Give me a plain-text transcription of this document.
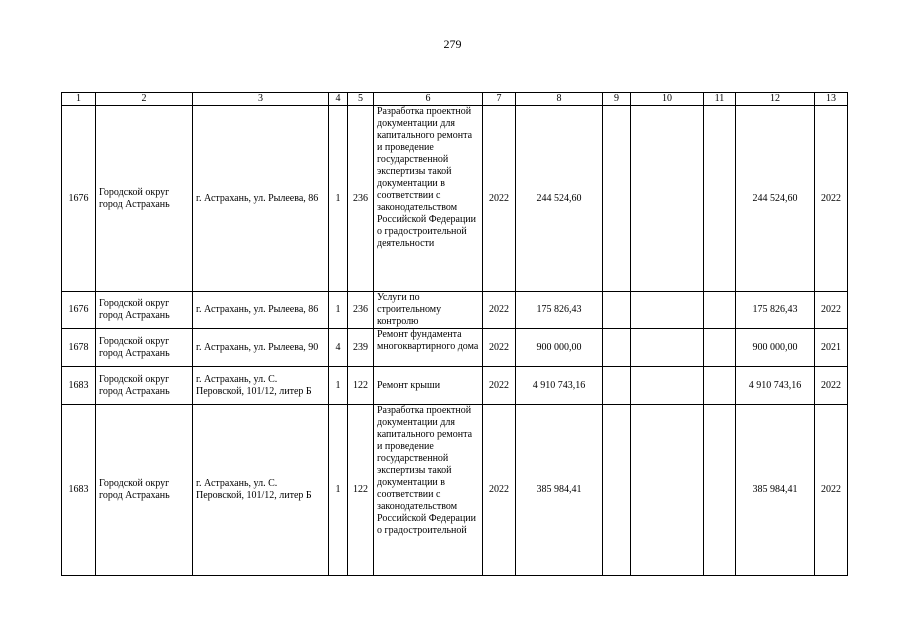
279
1	2	3	4	5	6	7	8	9	10	11	12	13
1676	Городской округ город Астрахань	г. Астрахань, ул. Рылеева, 86	1	236	Разработка проектной документации для капитального ремонта и проведение государственной экспертизы такой документации в соответствии с законодательством Российской Федерации о градостроительной деятельности	2022	244 524,60				244 524,60	2022
1676	Городской округ город Астрахань	г. Астрахань, ул. Рылеева, 86	1	236	Услуги по строительному контролю	2022	175 826,43				175 826,43	2022
1678	Городской округ город Астрахань	г. Астрахань, ул. Рылеева, 90	4	239	Ремонт фундамента многоквартирного дома	2022	900 000,00				900 000,00	2021
1683	Городской округ город Астрахань	г. Астрахань, ул. С. Перовской, 101/12, литер Б	1	122	Ремонт крыши	2022	4 910 743,16				4 910 743,16	2022
1683	Городской округ город Астрахань	г. Астрахань, ул. С. Перовской, 101/12, литер Б	1	122	Разработка проектной документации для капитального ремонта и проведение государственной экспертизы такой документации в соответствии с законодательством Российской Федерации о градостроительной	2022	385 984,41				385 984,41	2022
